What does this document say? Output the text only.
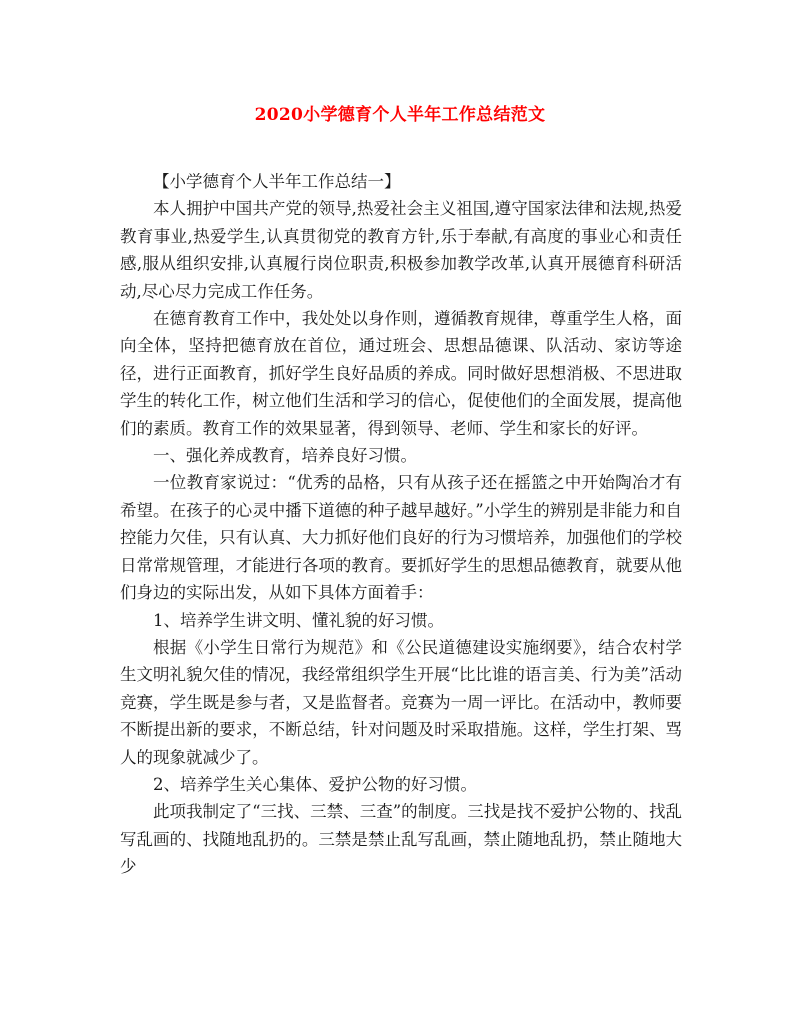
2020小学德育个人半年工作总结范文

【小学德育个人半年工作总结一】

本人拥护中国共产党的领导,热爱社会主义祖国,遵守国家法律和法规,热爱教育事业,热爱学生,认真贯彻党的教育方针,乐于奉献,有高度的事业心和责任感,服从组织安排,认真履行岗位职责,积极参加教学改革,认真开展德育科研活动,尽心尽力完成工作任务。

在德育教育工作中，我处处以身作则，遵循教育规律，尊重学生人格，面向全体，坚持把德育放在首位，通过班会、思想品德课、队活动、家访等途径，进行正面教育，抓好学生良好品质的养成。同时做好思想消极、不思进取学生的转化工作，树立他们生活和学习的信心，促使他们的全面发展，提高他们的素质。教育工作的效果显著，得到领导、老师、学生和家长的好评。

一、强化养成教育，培养良好习惯。

一位教育家说过：“优秀的品格，只有从孩子还在摇篮之中开始陶冶才有希望。在孩子的心灵中播下道德的种子越早越好。”小学生的辨别是非能力和自控能力欠佳，只有认真、大力抓好他们良好的行为习惯培养，加强他们的学校日常常规管理，才能进行各项的教育。要抓好学生的思想品德教育，就要从他们身边的实际出发，从如下具体方面着手：

1、培养学生讲文明、懂礼貌的好习惯。

根据《小学生日常行为规范》和《公民道德建设实施纲要》，结合农村学生文明礼貌欠佳的情况，我经常组织学生开展“比比谁的语言美、行为美”活动竞赛，学生既是参与者，又是监督者。竞赛为一周一评比。在活动中，教师要不断提出新的要求，不断总结，针对问题及时采取措施。这样，学生打架、骂人的现象就减少了。

2、培养学生关心集体、爱护公物的好习惯。

此项我制定了“三找、三禁、三查”的制度。三找是找不爱护公物的、找乱写乱画的、找随地乱扔的。三禁是禁止乱写乱画，禁止随地乱扔，禁止随地大少
